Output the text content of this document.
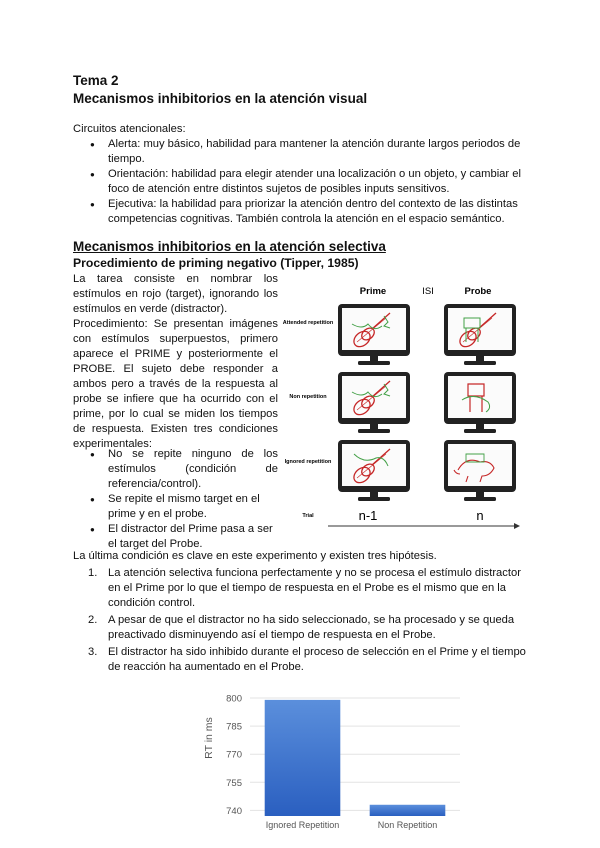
Tema 2
Mecanismos inhibitorios en la atención visual
Circuitos atencionales:
● Alerta: muy básico, habilidad para mantener la atención durante largos periodos de tiempo.
● Orientación: habilidad para elegir atender una localización o un objeto, y cambiar el foco de atención entre distintos sujetos de posibles inputs sensitivos.
● Ejecutiva: la habilidad para priorizar la atención dentro del contexto de las distintas competencias cognitivas. También controla la atención en el espacio semántico.
Mecanismos inhibitorios en la atención selectiva
Procedimiento de priming negativo (Tipper, 1985)
La tarea consiste en nombrar los estímulos en rojo (target), ignorando los estímulos en verde (distractor).
Procedimiento: Se presentan imágenes con estímulos superpuestos, primero aparece el PRIME y posteriormente el PROBE. El sujeto debe responder a ambos pero a través de la respuesta al probe se infiere que ha ocurrido con el prime, por lo cual se miden los tiempos de respuesta. Existen tres condiciones experimentales:
● No se repite ninguno de los estímulos (condición de referencia/control).
● Se repite el mismo target en el prime y en el probe.
● El distractor del Prime pasa a ser el target del Probe.
La última condición es clave en este experimento y existen tres hipótesis.
1. La atención selectiva funciona perfectamente y no se procesa el estímulo distractor en el Prime por lo que el tiempo de respuesta en el Probe es el mismo que en la condición control.
2. A pesar de que el distractor no ha sido seleccionado, se ha procesado y se queda preactivado disminuyendo así el tiempo de respuesta en el Probe.
3. El distractor ha sido inhibido durante el proceso de selección en el Prime y el tiempo de reacción ha aumentado en el Probe.
Prime	ISI	Probe
Attended repetition
Non repetition
Ignored repetition
Trial	n-1	n
740
755
770
785
800
Ignored Repetition	Non Repetition
RT in ms
